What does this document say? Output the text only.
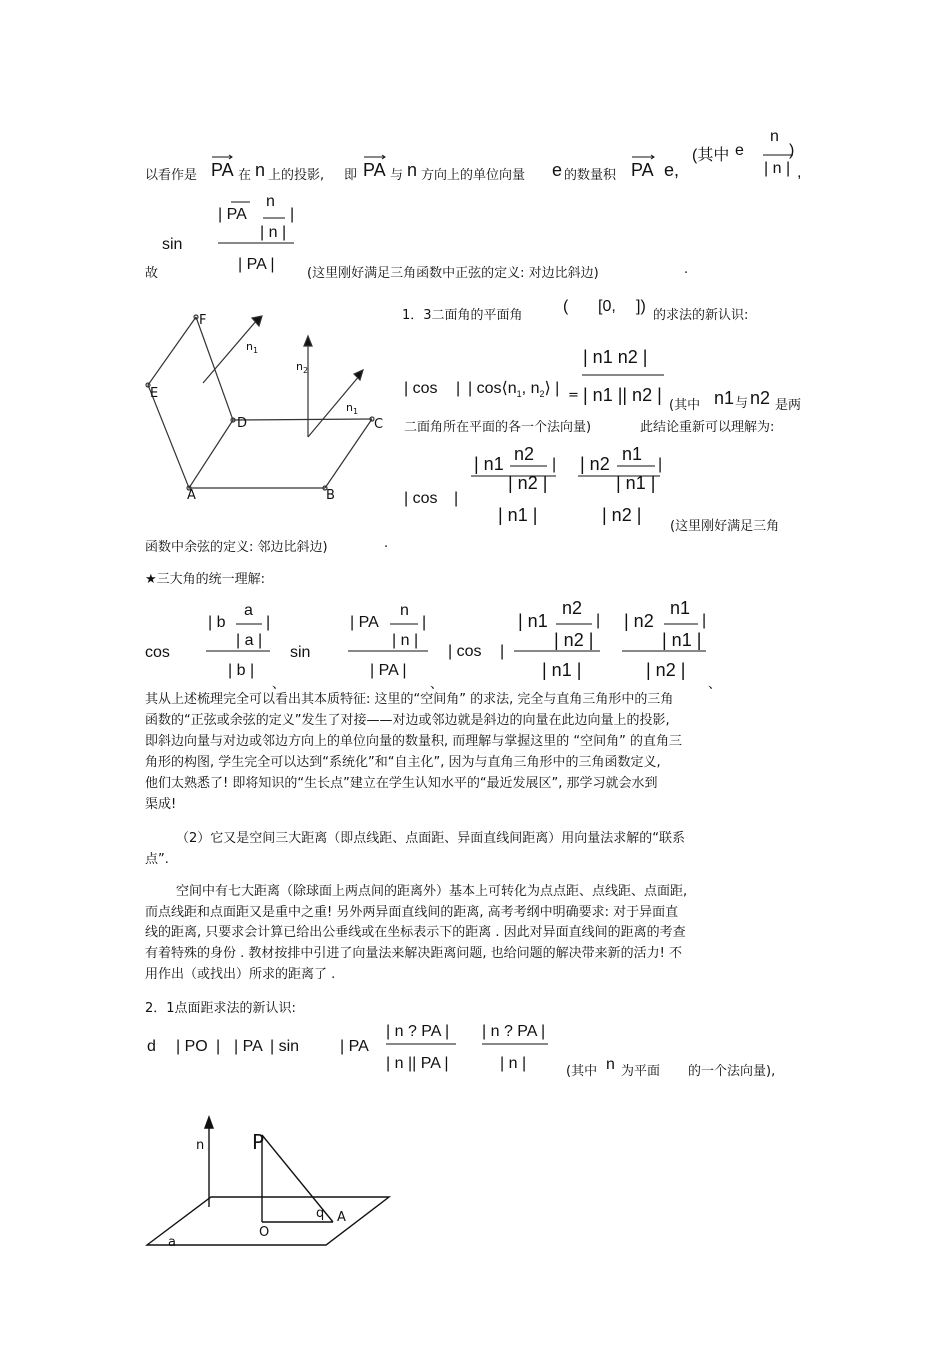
以看作是 PA 在 n 上的投影, 即 PA 与 n 方向上的单位向量 e 的数量积 PA e,
(其中 e
n
| n |
)
,
| PA
n
|
| n |
sin
| PA |
故	(这里刚好满足三角函数中正弦的定义: 对边比斜边)	.
F
E
D	C
A	B
$n_1$
$n_2$
$n_1$
1．3二面角的平面角
( [0, ])
的求法的新认识:
| cos | | $\cos⟨n_1$, $n_2⟩$ |
| n1 n2 |
= | n1 || n2 |
(其中 n1 与 n2 是两
二面角所在平面的各一个法向量)	此结论重新可以理解为:
| cos |
| n1 n2
|
| n2 |
| n1 |
| n2 n1
|
| n1 |
| n2 |
(这里刚好满足三角
函数中余弦的定义: 邻边比斜边)	.
★三大角的统一理解:
cos
| b
a
|
| a |
| b |
、
sin
| PA
n
|
| n |
| PA |
、
| cos |
| n1
n2
|
| n2 |
| n1 |
| n2
n1
|
| n1 |
| n2 |
、
其从上述梳理完全可以看出其本质特征: 这里的“空间角” 的求法, 完全与直角三角形中的三角
函数的“正弦或余弦的定义”发生了对接——对边或邻边就是斜边的向量在此边向量上的投影,
即斜边向量与对边或邻边方向上的单位向量的数量积, 而理解与掌握这里的 “空间角” 的直角三
角形的构图, 学生完全可以达到“系统化”和“自主化”, 因为与直角三角形中的三角函数定义,
他们太熟悉了! 即将知识的“生长点”建立在学生认知水平的“最近发展区”, 那学习就会水到
渠成!
（2）它又是空间三大距离（即点线距、点面距、异面直线间距离）用向量法求解的“联系
点”.
空间中有七大距离（除球面上两点间的距离外）基本上可转化为点点距、点线距、点面距,
而点线距和点面距又是重中之重! 另外两异面直线间的距离, 高考考纲中明确要求: 对于异面直
线的距离, 只要求会计算已给出公垂线或在坐标表示下的距离 . 因此对异面直线间的距离的考查
有着特殊的身份 . 教材按排中引进了向量法来解决距离问题, 也给问题的解决带来新的活力! 不
用作出（或找出）所求的距离了 .
2．1点面距求法的新认识:
d | PO | | PA | sin	| PA
| n ? PA |
| n || PA |
| n ? PA |
| n |	(其中 n 为平面 的一个法向量),
n P
q A
O
a
